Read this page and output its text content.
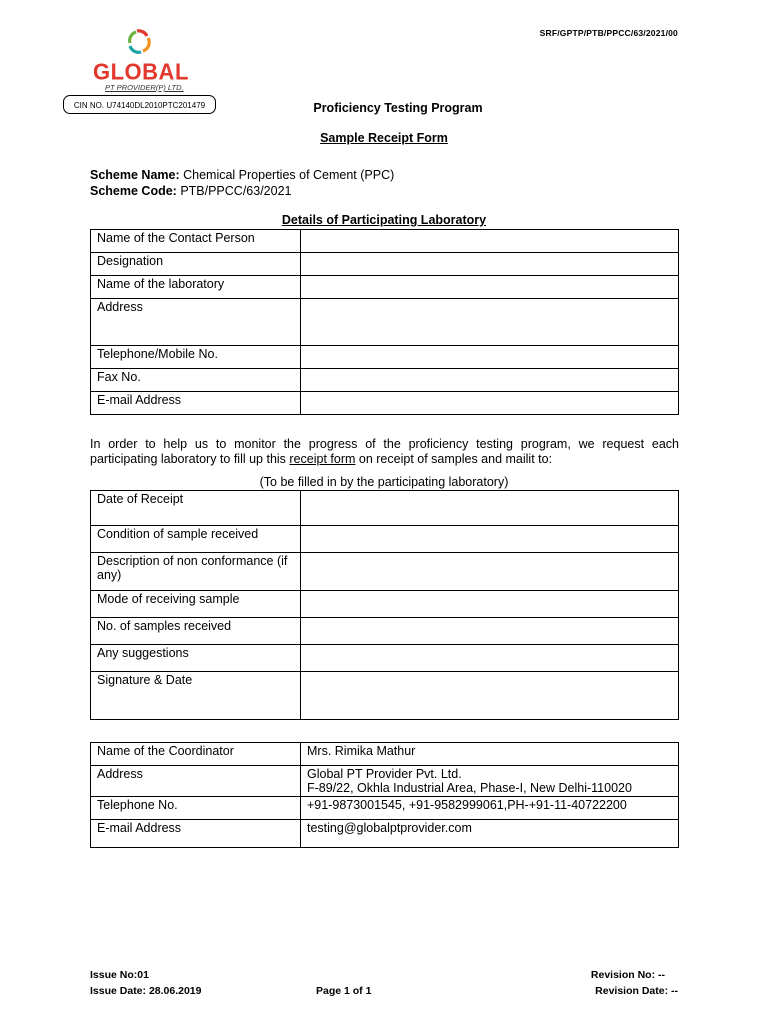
SRF/GPTP/PTB/PPCC/63/2021/00
GLOBAL
PT PROVIDER(P) LTD.
CIN NO. U74140DL2010PTC201479	Proficiency Testing Program
Sample Receipt Form
Scheme Name: Chemical Properties of Cement (PPC)
Scheme Code: PTB/PPCC/63/2021
Details of Participating Laboratory
Name of the Contact Person	
Designation	
Name of the laboratory	
Address	
Telephone/Mobile No.	
Fax No.	
E-mail Address	
In order to help us to monitor the progress of the proficiency testing program, we request each participating laboratory to fill up this receipt form on receipt of samples and mailit to:
(To be filled in by the participating laboratory)
Date of Receipt	
Condition of sample received	
Description of non conformance (if any)	
Mode of receiving sample	
No. of samples received	
Any suggestions	
Signature & Date	
Name of the Coordinator	Mrs. Rimika Mathur
Address	Global PT Provider Pvt. Ltd.
F-89/22, Okhla Industrial Area, Phase-I, New Delhi-110020

Telephone No.	+91-9873001545, +91-9582999061,PH-+91-11-40722200
E-mail Address	testing@globalptprovider.com
Issue No:01
Issue Date: 28.06.2019	Page 1 of 1
Revision No: --
Revision Date: --
